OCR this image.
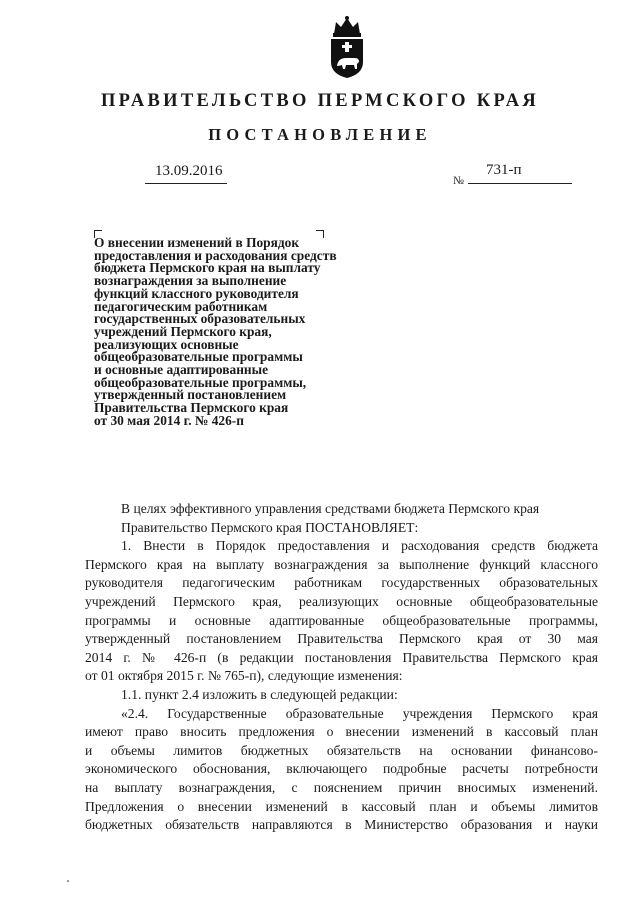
ПРАВИТЕЛЬСТВО ПЕРМСКОГО КРАЯ
ПОСТАНОВЛЕНИЕ
13.09.2016
№
731-п
О внесении изменений в Порядок
предоставления и расходования средств
бюджета Пермского края на выплату
вознаграждения за выполнение
функций классного руководителя
педагогическим работникам
государственных образовательных
учреждений Пермского края,
реализующих основные
общеобразовательные программы
и основные адаптированные
общеобразовательные программы,
утвержденный постановлением
Правительства Пермского края
от 30 мая 2014 г. № 426-п

В целях эффективного управления средствами бюджета Пермского края

Правительство Пермского края ПОСТАНОВЛЯЕТ:

1. Внести в Порядок предоставления и расходования средств бюджета

Пермского края на выплату вознаграждения за выполнение функций классного

руководителя педагогическим работникам государственных образовательных

учреждений Пермского края, реализующих основные общеобразовательные

программы и основные адаптированные общеобразовательные программы,

утвержденный постановлением Правительства Пермского края от 30 мая

2014 г. № 426-п (в редакции постановления Правительства Пермского края

от 01 октября 2015 г. № 765-п), следующие изменения:

1.1. пункт 2.4 изложить в следующей редакции:

«2.4. Государственные образовательные учреждения Пермского края

имеют право вносить предложения о внесении изменений в кассовый план

и объемы лимитов бюджетных обязательств на основании финансово-

экономического обоснования, включающего подробные расчеты потребности

на выплату вознаграждения, с пояснением причин вносимых изменений.

Предложения о внесении изменений в кассовый план и объемы лимитов

бюджетных обязательств направляются в Министерство образования и науки
